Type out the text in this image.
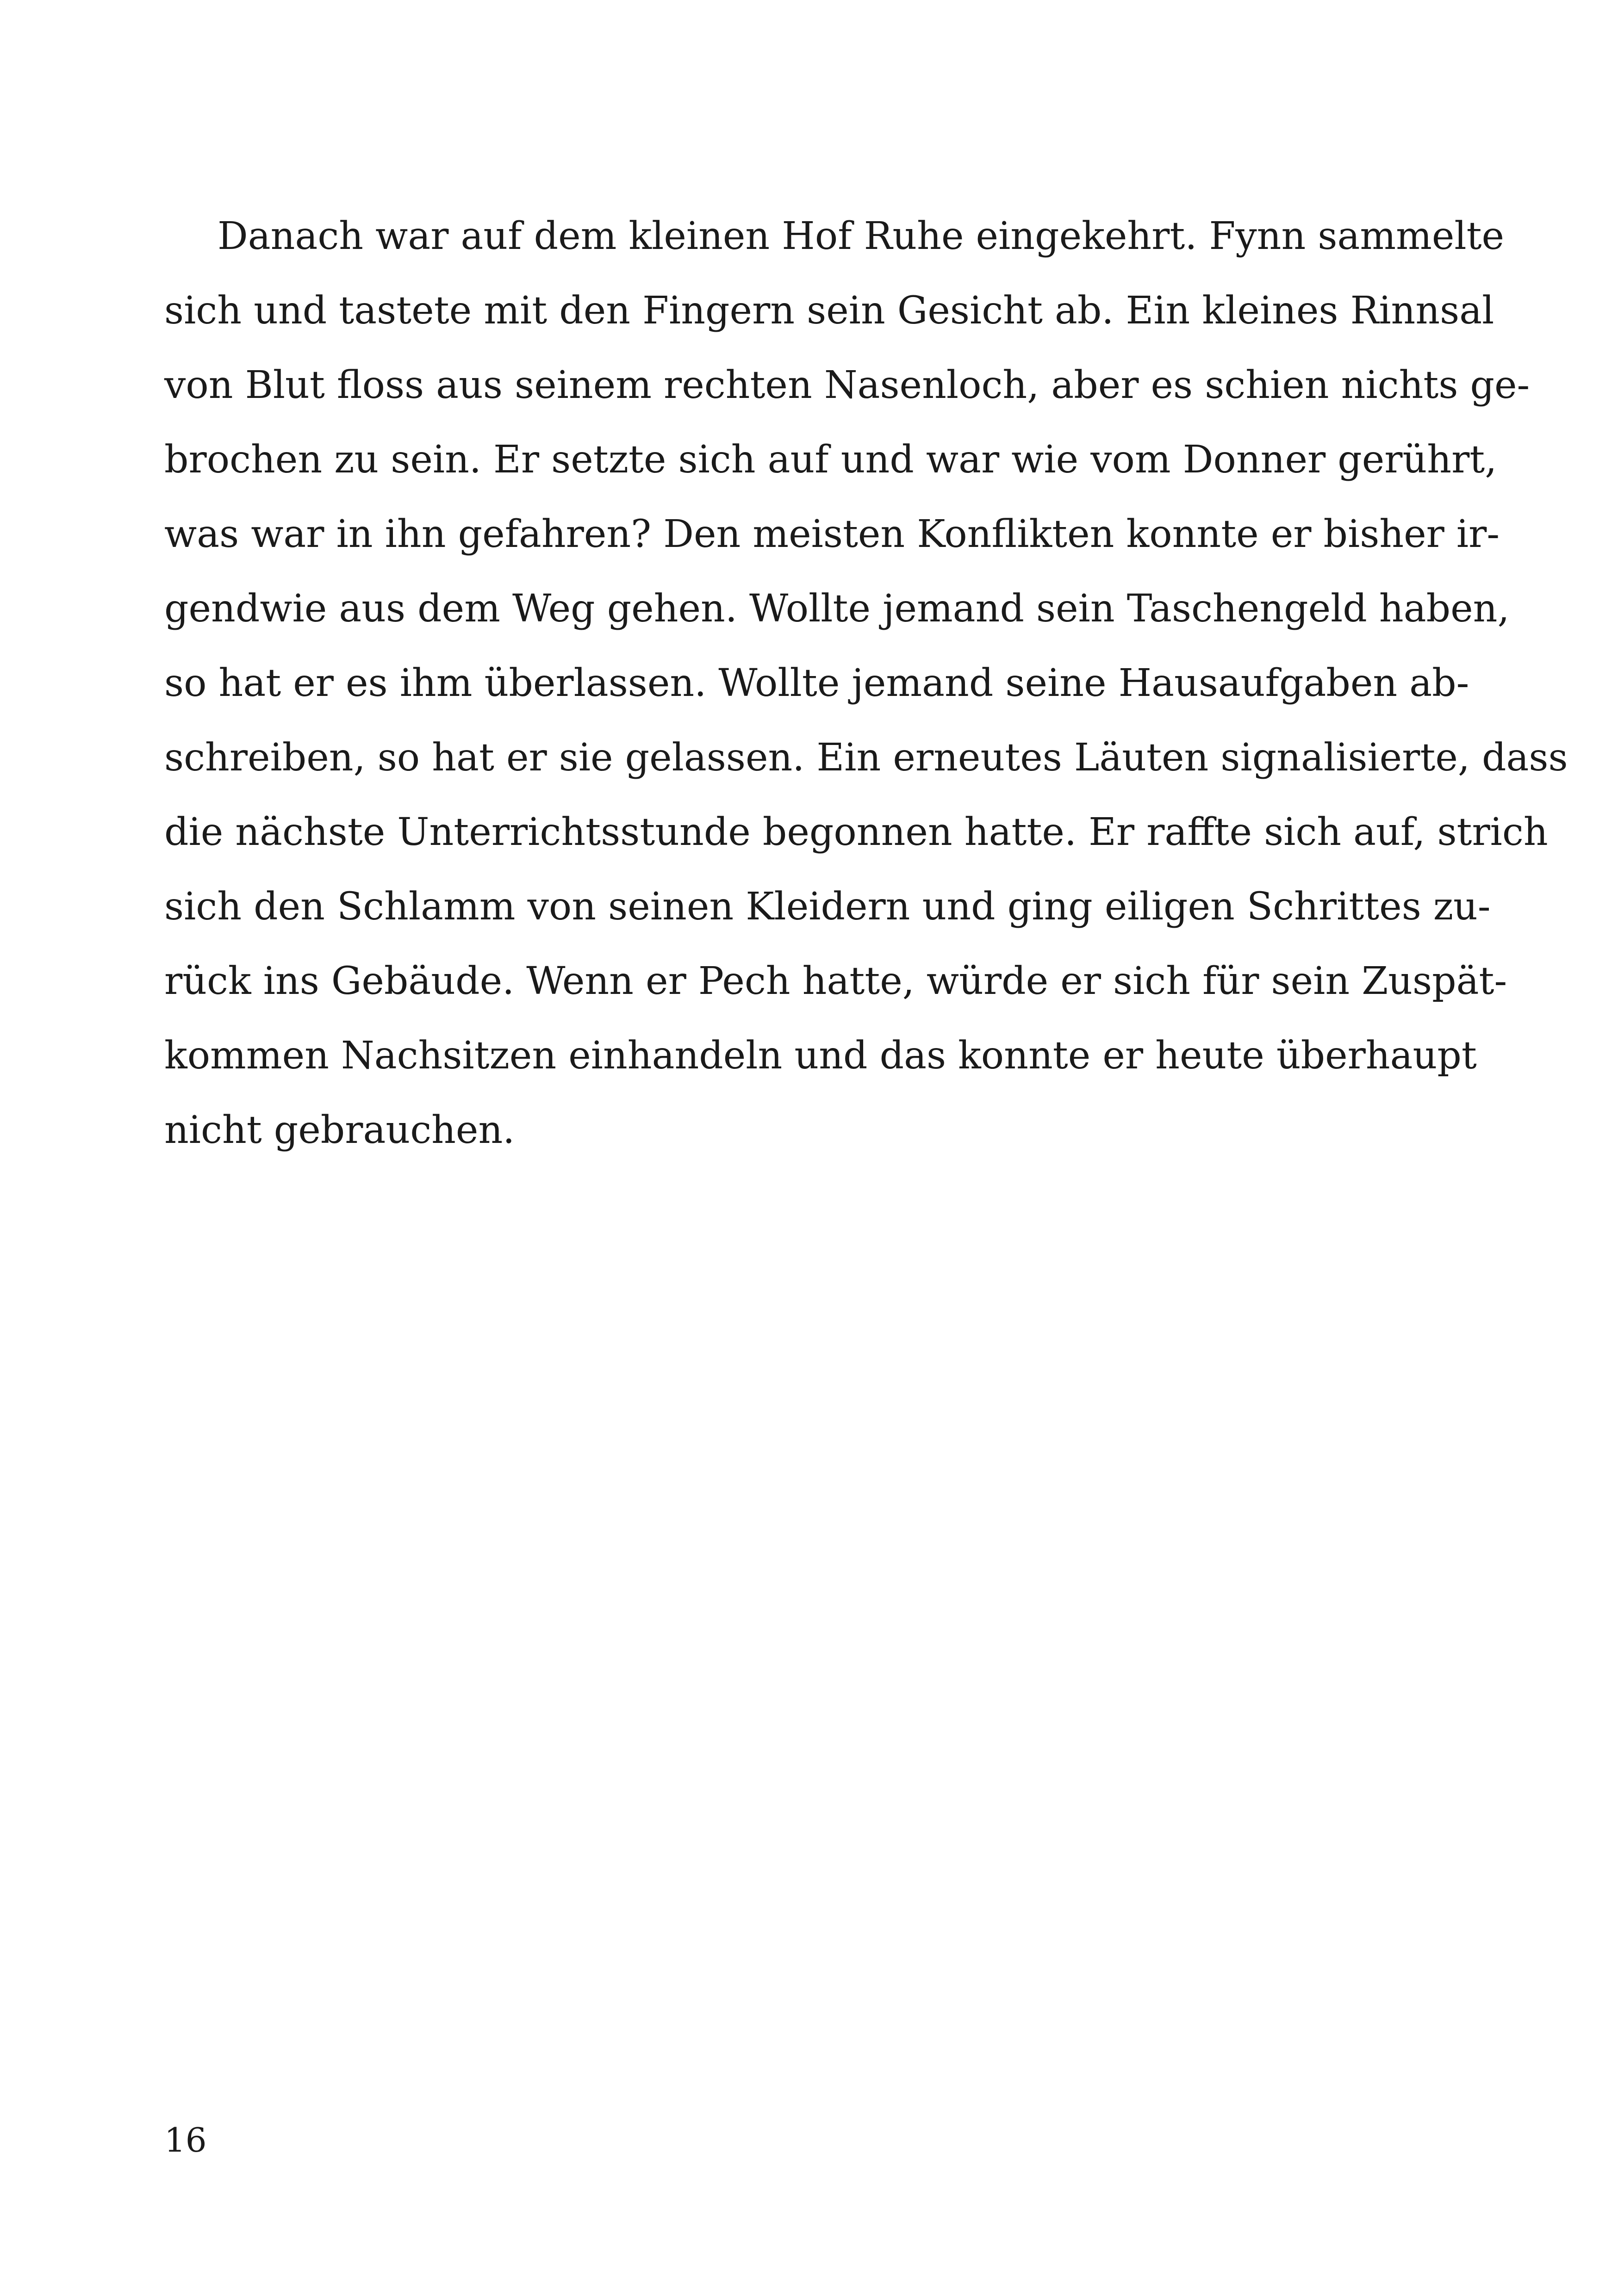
Danach war auf dem kleinen Hof Ruhe eingekehrt. Fynn sammelte
sich und tastete mit den Fingern sein Gesicht ab. Ein kleines Rinnsal
von Blut floss aus seinem rechten Nasenloch, aber es schien nichts ge-
brochen zu sein. Er setzte sich auf und war wie vom Donner gerührt,
was war in ihn gefahren? Den meisten Konflikten konnte er bisher ir-
gendwie aus dem Weg gehen. Wollte jemand sein Taschengeld haben,
so hat er es ihm überlassen. Wollte jemand seine Hausaufgaben ab-
schreiben, so hat er sie gelassen. Ein erneutes Läuten signalisierte, dass
die nächste Unterrichtsstunde begonnen hatte. Er raffte sich auf, strich
sich den Schlamm von seinen Kleidern und ging eiligen Schrittes zu-
rück ins Gebäude. Wenn er Pech hatte, würde er sich für sein Zuspät-
kommen Nachsitzen einhandeln und das konnte er heute überhaupt
nicht gebrauchen.
16
